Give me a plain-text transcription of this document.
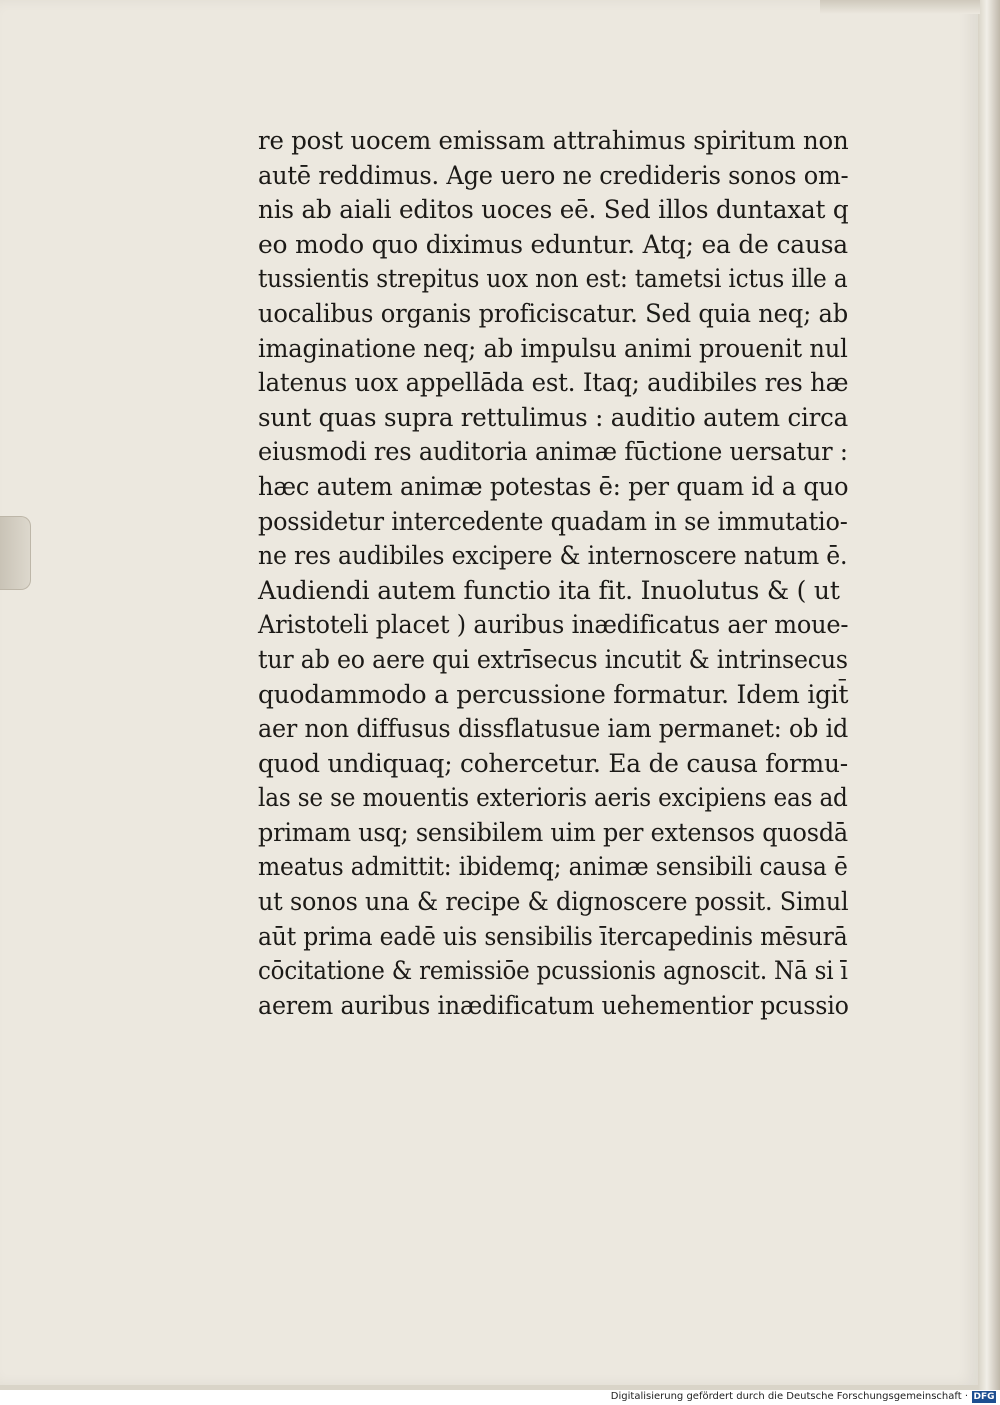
re post uocem emissam attrahimus spiritum non
autē reddimus. Age uero ne credideris sonos om-
nis ab aiali editos uoces eē. Sed illos duntaxat q
eo modo quo diximus eduntur. Atq; ea de causa
tussientis strepitus uox non est: tametsi ictus ille a
uocalibus organis proficiscatur. Sed quia neq; ab
imaginatione neq; ab impulsu animi prouenit nul
latenus uox appellāda est. Itaq; audibiles res hæ
sunt quas supra rettulimus : auditio autem circa
eiusmodi res auditoria animæ fūctione uersatur :
hæc autem animæ potestas ē: per quam id a quo
possidetur intercedente quadam in se immutatio-
ne res audibiles excipere & internoscere natum ē.
Audiendi autem functio ita fit. Inuolutus & ( ut
Aristoteli placet ) auribus inædificatus aer moue-
tur ab eo aere qui extrīsecus incutit & intrinsecus
quodammodo a percussione formatur. Idem igit̄
aer non diffusus dissflatusue iam permanet: ob id
quod undiquaq; cohercetur. Ea de causa formu-
las se se mouentis exterioris aeris excipiens eas ad
primam usq; sensibilem uim per extensos quosdā
meatus admittit: ibidemq; animæ sensibili causa ē
ut sonos una & recipe & dignoscere possit. Simul
aūt prima eadē uis sensibilis ītercapedinis mēsurā
cōcitatione & remissiōe pcussionis agnoscit. Nā si ī
aerem auribus inædificatum uehementior pcussio
Digitalisierung gefördert durch die Deutsche Forschungsgemeinschaft · DFG
